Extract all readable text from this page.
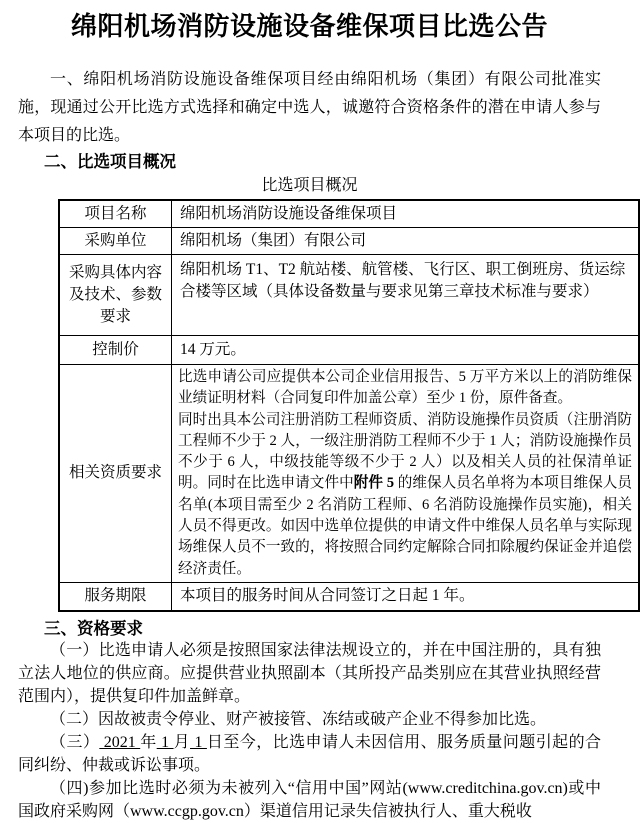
绵阳机场消防设施设备维保项目比选公告

一、绵阳机场消防设施设备维保项目经由绵阳机场（集团）有限公司批准实施，现通过公开比选方式选择和确定中选人，诚邀符合资格条件的潜在申请人参与本项目的比选。

二、比选项目概况
比选项目概况
项目名称	绵阳机场消防设施设备维保项目
采购单位	绵阳机场（集团）有限公司
采购具体内容及技术、参数要求	绵阳机场 T1、T2 航站楼、航管楼、飞行区、职工倒班房、货运综合楼等区域（具体设备数量与要求见第三章技术标准与要求）
控制价	14 万元。
相关资质要求	比选申请公司应提供本公司企业信用报告、5 万平方米以上的消防维保业绩证明材料（合同复印件加盖公章）至少 1 份，原件备查。

同时出具本公司注册消防工程师资质、消防设施操作员资质（注册消防工程师不少于 2 人，一级注册消防工程师不少于 1 人；消防设施操作员不少于 6 人，中级技能等级不少于 2 人）以及相关人员的社保清单证明。同时在比选申请文件中附件 5 的维保人员名单将为本项目维保人员名单(本项目需至少 2 名消防工程师、6 名消防设施操作员实施)，相关人员不得更改。如因中选单位提供的申请文件中维保人员名单与实际现场维保人员不一致的，将按照合同约定解除合同扣除履约保证金并追偿经济责任。

服务期限	本项目的服务时间从合同签订之日起 1 年。
三、资格要求

（一）比选申请人必须是按照国家法律法规设立的，并在中国注册的，具有独立法人地位的供应商。应提供营业执照副本（其所投产品类别应在其营业执照经营范围内），提供复印件加盖鲜章。

（二）因故被责令停业、财产被接管、冻结或破产企业不得参加比选。

（三） 2021 年 1 月 1 日至今，比选申请人未因信用、服务质量问题引起的合同纠纷、仲裁或诉讼事项。

（四)参加比选时必须为未被列入“信用中国”网站(www.creditchina.gov.cn)或中国政府采购网（www.ccgp.gov.cn）渠道信用记录失信被执行人、重大税收
